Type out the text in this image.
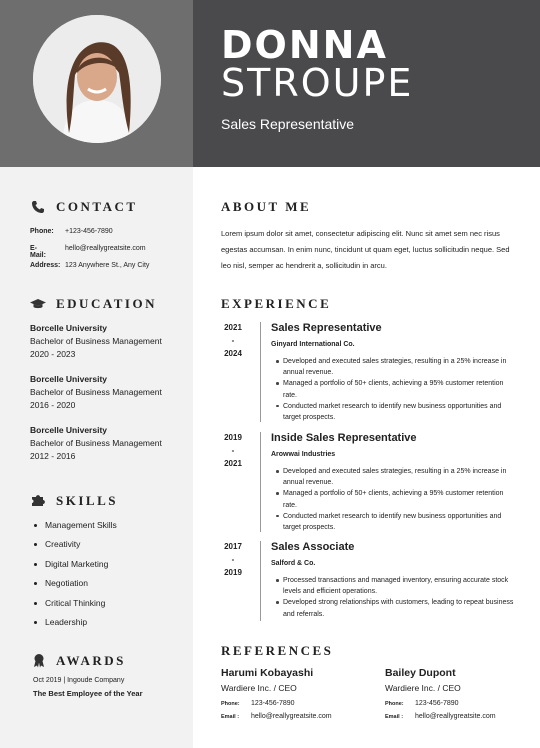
DONNA
STROUPE
Sales Representative
CONTACT
Phone: +123-456-7890
E-Mail:
hello@reallygreatsite.com
Address: 123 Anywhere St., Any City
EDUCATION
Borcelle University
Bachelor of Business Management
2020 - 2023
Borcelle University
Bachelor of Business Management
2016 - 2020
Borcelle University
Bachelor of Business Management
2012 - 2016
SKILLS
Management Skills
Creativity
Digital Marketing
Negotiation
Critical Thinking
Leadership
AWARDS
Oct 2019 | Ingoude Company
The Best Employee of the Year
ABOUT ME
Lorem ipsum dolor sit amet, consectetur adipiscing elit. Nunc sit amet sem nec risus egestas accumsan. In enim nunc, tincidunt ut quam eget, luctus sollicitudin neque. Sed leo nisl, semper ac hendrerit a, sollicitudin in arcu.
EXPERIENCE
2021
-
2024
Sales Representative
Ginyard International Co.
Developed and executed sales strategies, resulting in a 25% increase in annual revenue.
Managed a portfolio of 50+ clients, achieving a 95% customer retention rate.
Conducted market research to identify new business opportunities and target prospects.
2019
-
2021
Inside Sales Representative
Arowwai Industries
Developed and executed sales strategies, resulting in a 25% increase in annual revenue.
Managed a portfolio of 50+ clients, achieving a 95% customer retention rate.
Conducted market research to identify new business opportunities and target prospects.
2017
-
2019
Sales Associate
Salford & Co.
Processed transactions and managed inventory, ensuring accurate stock levels and efficient operations.
Developed strong relationships with customers, leading to repeat business and referrals.
REFERENCES
Harumi Kobayashi
Wardiere Inc. / CEO
Phone: 123-456-7890
Email : hello@reallygreatsite.com
Bailey Dupont
Wardiere Inc. / CEO
Phone: 123-456-7890
Email : hello@reallygreatsite.com
